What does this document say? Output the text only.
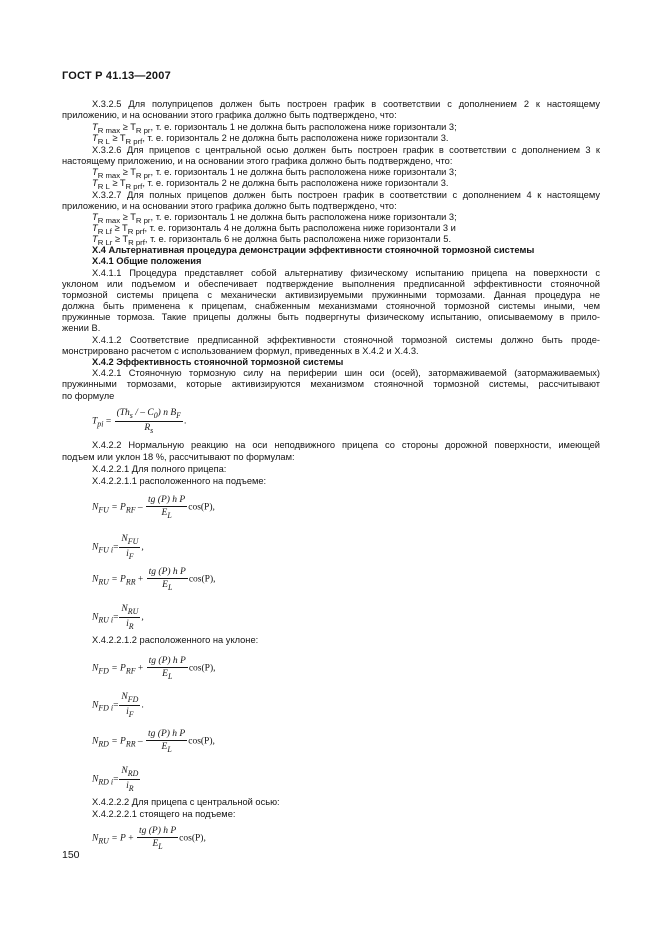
ГОСТ Р 41.13—2007
Х.3.2.5 Для полуприцепов должен быть построен график в соответствии с дополнением 2 к настоящему
приложению, и на основании этого графика должно быть подтверждено, что:
$T_{R max} \ge T_{R pr}$, т. е. горизонталь 1 не должна быть расположена ниже горизонтали 3;
$T_{R L} \ge T_{R prf}$, т. е. горизонталь 2 не должна быть расположена ниже горизонтали 3.
Х.3.2.6 Для прицепов с центральной осью должен быть построен график в соответствии с дополнением 3 к
настоящему приложению, и на основании этого графика должно быть подтверждено, что:
$T_{R max} \ge T_{R pr}$, т. е. горизонталь 1 не должна быть расположена ниже горизонтали 3;
$T_{R L} \ge T_{R prf}$, т. е. горизонталь 2 не должна быть расположена ниже горизонтали 3.
Х.3.2.7 Для полных прицепов должен быть построен график в соответствии с дополнением 4 к настоящему
приложению, и на основании этого графика должно быть подтверждено, что:
$T_{R max} \ge T_{R pr}$, т. е. горизонталь 1 не должна быть расположена ниже горизонтали 3;
$T_{R Lf} \ge T_{R prf}$, т. е. горизонталь 4 не должна быть расположена ниже горизонтали 3 и
$T_{R Lr} \ge T_{R prf}$, т. е. горизонталь 6 не должна быть расположена ниже горизонтали 5.
Х.4 Альтернативная процедура демонстрации эффективности стояночной тормозной системы
Х.4.1 Общие положения
Х.4.1.1 Процедура представляет собой альтернативу физическому испытанию прицепа на поверхности с
уклоном или подъемом и обеспечивает подтверждение выполнения предписанной эффективности стояночной
тормозной системы прицепа с механически активизируемыми пружинными тормозами. Данная процедура не
должна быть применена к прицепам, снабженным механизмами стояночной тормозной системы иными, чем
пружинные тормоза. Такие прицепы должны быть подвергнуты физическому испытанию, описываемому в прило-
жении В.
Х.4.1.2 Соответствие предписанной эффективности стояночной тормозной системы должно быть продe-
монстрировано расчетом с использованием формул, приведенных в Х.4.2 и Х.4.3.
Х.4.2 Эффективность стояночной тормозной системы
Х.4.2.1 Стояночную тормозную силу на периферии шин оси (осей), затормаживаемой (затормаживаемых)
пружинными тормозами, которые активизируются механизмом стояночной тормозной системы, рассчитывают
по формуле
$T_{pi} = \frac{(Th_s / - C_0) n B_F}{R_s}$ .
Х.4.2.2 Нормальную реакцию на оси неподвижного прицепа со стороны дорожной поверхности, имеющей
подъем или уклон 18 %, рассчитывают по формулам:
Х.4.2.2.1 Для полного прицепа:
Х.4.2.2.1.1 расположенного на подъеме:
$N_{FU} = P_{RF} - \frac{\text{tg (P) h P}}{E_L} \cos(P)$,
$N_{FU i}= \frac{N_{FU}}{i_F}$ ,
$N_{RU} = P_{RR} + \frac{\text{tg (P) h P}}{E_L} \cos(P)$,
$N_{RU i}= \frac{N_{RU}}{i_R}$ ,
Х.4.2.2.1.2 расположенного на уклоне:
$N_{FD} = P_{RF} + \frac{\text{tg (P) h P}}{E_L} \cos(P)$,
$N_{FD i}= \frac{N_{FD}}{i_F}$ .
$N_{RD} = P_{RR} - \frac{\text{tg (P) h P}}{E_L} \cos(P)$,
$N_{RD i}= \frac{N_{RD}}{i_R}$
Х.4.2.2.2 Для прицепа с центральной осью:
Х.4.2.2.2.1 стоящего на подъеме:
$N_{RU} = P + \frac{\text{tg (P) h P}}{E_L} \cos(P)$,
150
